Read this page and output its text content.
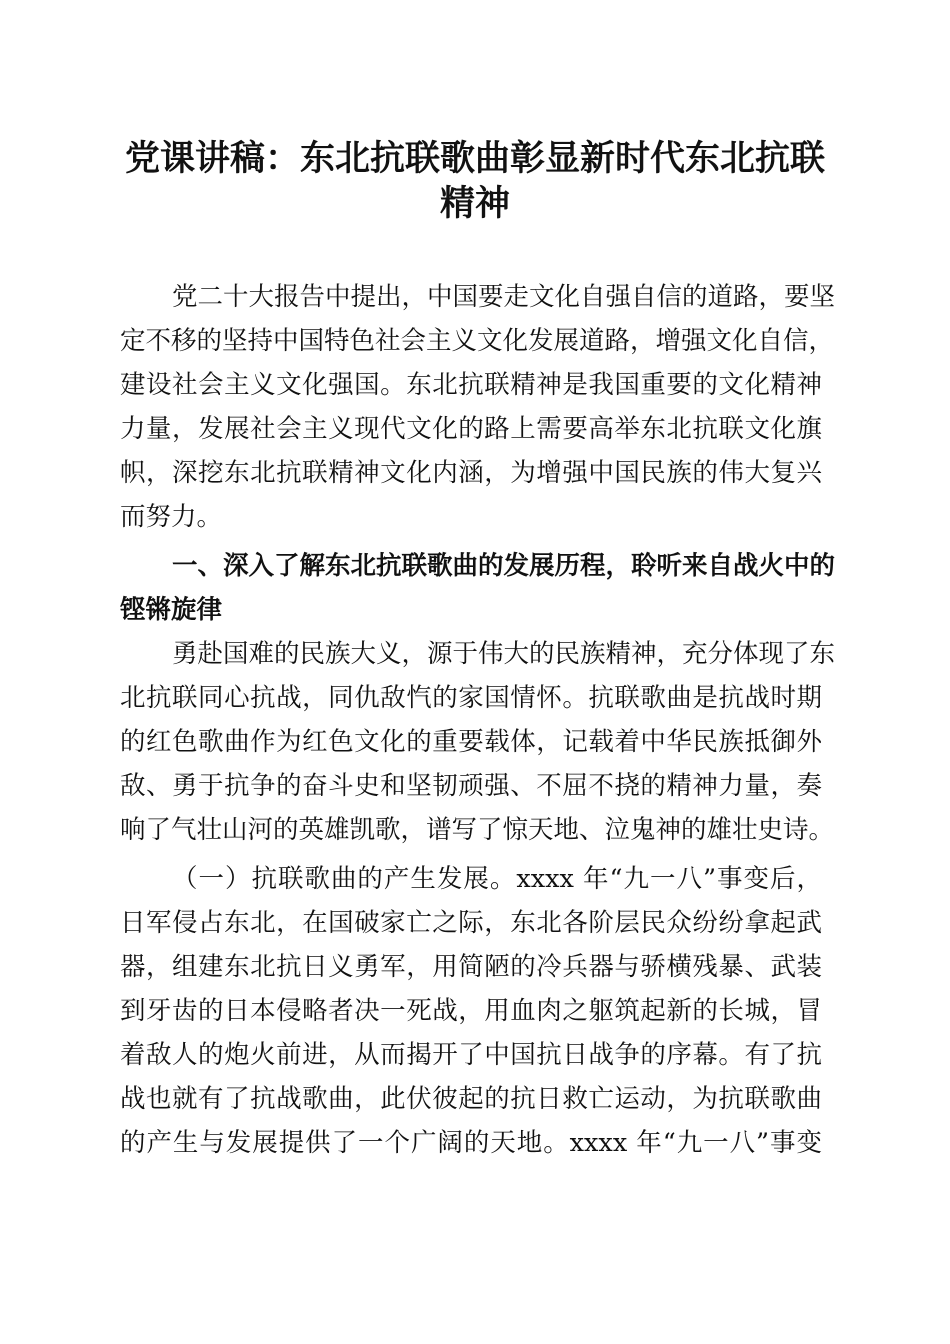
党课讲稿：东北抗联歌曲彰显新时代东北抗联
精神
党二十大报告中提出，中国要走文化自强自信的道路，要坚
定不移的坚持中国特色社会主义文化发展道路，增强文化自信，
建设社会主义文化强国。东北抗联精神是我国重要的文化精神
力量，发展社会主义现代文化的路上需要高举东北抗联文化旗
帜，深挖东北抗联精神文化内涵，为增强中国民族的伟大复兴
而努力。
一、深入了解东北抗联歌曲的发展历程，聆听来自战火中的
铿锵旋律
勇赴国难的民族大义，源于伟大的民族精神，充分体现了东
北抗联同心抗战，同仇敌忾的家国情怀。抗联歌曲是抗战时期
的红色歌曲作为红色文化的重要载体，记载着中华民族抵御外
敌、勇于抗争的奋斗史和坚韧顽强、不屈不挠的精神力量，奏
响了气壮山河的英雄凯歌，谱写了惊天地、泣鬼神的雄壮史诗。
（一）抗联歌曲的产生发展。xxxx 年“九一八”事变后，
日军侵占东北，在国破家亡之际，东北各阶层民众纷纷拿起武
器，组建东北抗日义勇军，用简陋的冷兵器与骄横残暴、武装
到牙齿的日本侵略者决一死战，用血肉之躯筑起新的长城，冒
着敌人的炮火前进，从而揭开了中国抗日战争的序幕。有了抗
战也就有了抗战歌曲，此伏彼起的抗日救亡运动，为抗联歌曲
的产生与发展提供了一个广阔的天地。xxxx 年“九一八”事变
